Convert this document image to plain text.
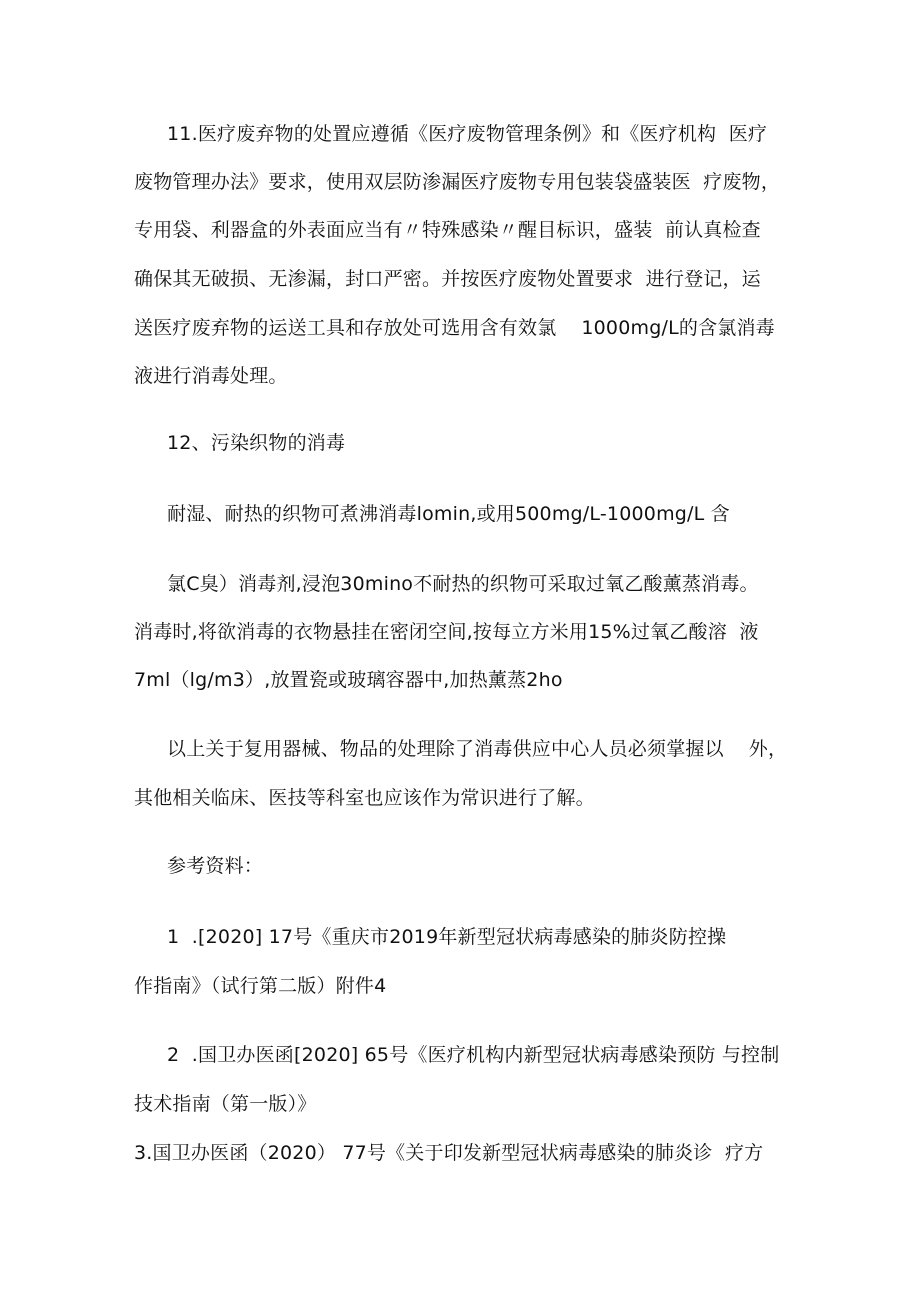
11.医疗废弃物的处置应遵循《医疗废物管理条例》和《医疗机构  医疗
废物管理办法》要求，使用双层防渗漏医疗废物专用包装袋盛装医  疗废物，
专用袋、利器盒的外表面应当有〃特殊感染〃醒目标识，盛装  前认真检查
确保其无破损、无渗漏，封口严密。并按医疗废物处置要求  进行登记，运
送医疗废弃物的运送工具和存放处可选用含有效氯    1000mg∕L的含氯消毒
液进行消毒处理。
12、污染织物的消毒
耐湿、耐热的织物可煮沸消毒lomin,或用500mg∕L-1000mg∕L 含
氯C臭）消毒剂,浸泡30mino不耐热的织物可采取过氧乙酸薰蒸消毒。
消毒时,将欲消毒的衣物悬挂在密闭空间,按每立方米用15%过氧乙酸溶  液
7ml（lg∕m3）,放置瓷或玻璃容器中,加热薰蒸2ho
以上关于复用器械、物品的处理除了消毒供应中心人员必须掌握以    外，
其他相关临床、医技等科室也应该作为常识进行了解。
参考资料：
1  .[2020] 17号《重庆市2019年新型冠状病毒感染的肺炎防控操
作指南》（试行第二版）附件4
2  .国卫办医函[2020] 65号《医疗机构内新型冠状病毒感染预防 与控制
技术指南（第一版）》
3.国卫办医函（2020） 77号《关于印发新型冠状病毒感染的肺炎诊  疗方
